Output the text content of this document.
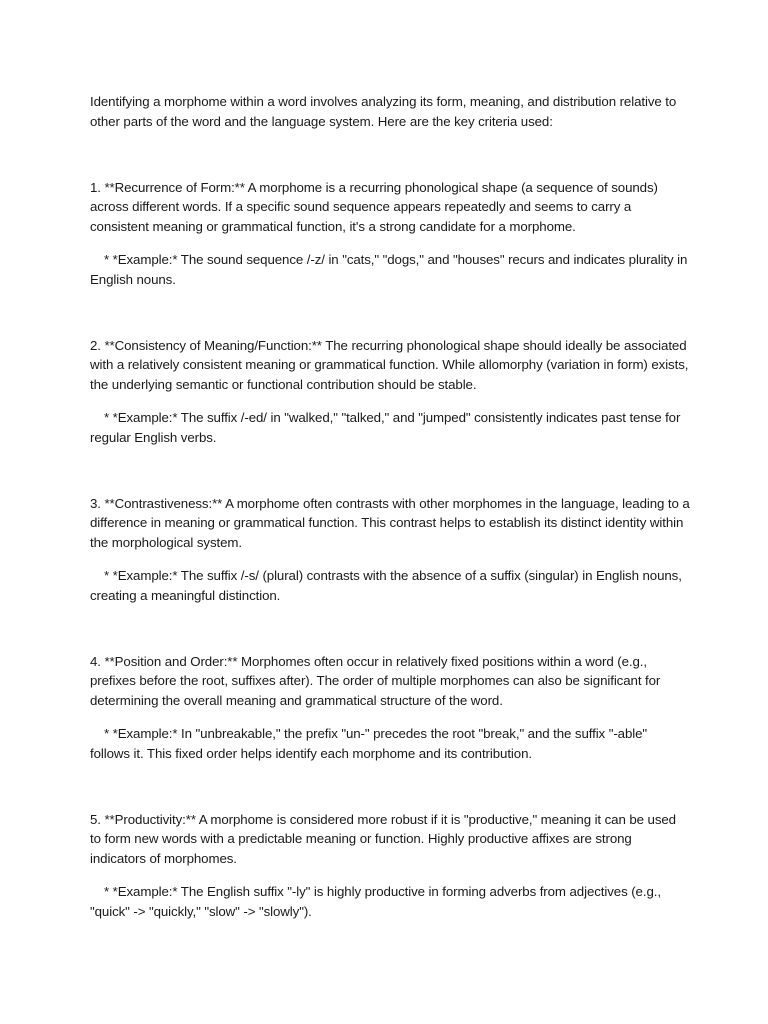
Identifying a morphome within a word involves analyzing its form, meaning, and distribution relative to other parts of the word and the language system. Here are the key criteria used:

1. **Recurrence of Form:** A morphome is a recurring phonological shape (a sequence of sounds) across different words. If a specific sound sequence appears repeatedly and seems to carry a consistent meaning or grammatical function, it's a strong candidate for a morphome.

* *Example:* The sound sequence /-z/ in "cats," "dogs," and "houses" recurs and indicates plurality in English nouns.

2. **Consistency of Meaning/Function:** The recurring phonological shape should ideally be associated with a relatively consistent meaning or grammatical function. While allomorphy (variation in form) exists, the underlying semantic or functional contribution should be stable.

* *Example:* The suffix /-ed/ in "walked," "talked," and "jumped" consistently indicates past tense for regular English verbs.

3. **Contrastiveness:** A morphome often contrasts with other morphomes in the language, leading to a difference in meaning or grammatical function. This contrast helps to establish its distinct identity within the morphological system.

* *Example:* The suffix /-s/ (plural) contrasts with the absence of a suffix (singular) in English nouns, creating a meaningful distinction.

4. **Position and Order:** Morphomes often occur in relatively fixed positions within a word (e.g., prefixes before the root, suffixes after). The order of multiple morphomes can also be significant for determining the overall meaning and grammatical structure of the word.

* *Example:* In "unbreakable," the prefix "un-" precedes the root "break," and the suffix "-able" follows it. This fixed order helps identify each morphome and its contribution.

5. **Productivity:** A morphome is considered more robust if it is "productive," meaning it can be used to form new words with a predictable meaning or function. Highly productive affixes are strong indicators of morphomes.

* *Example:* The English suffix "-ly" is highly productive in forming adverbs from adjectives (e.g., "quick" -> "quickly," "slow" -> "slowly").
